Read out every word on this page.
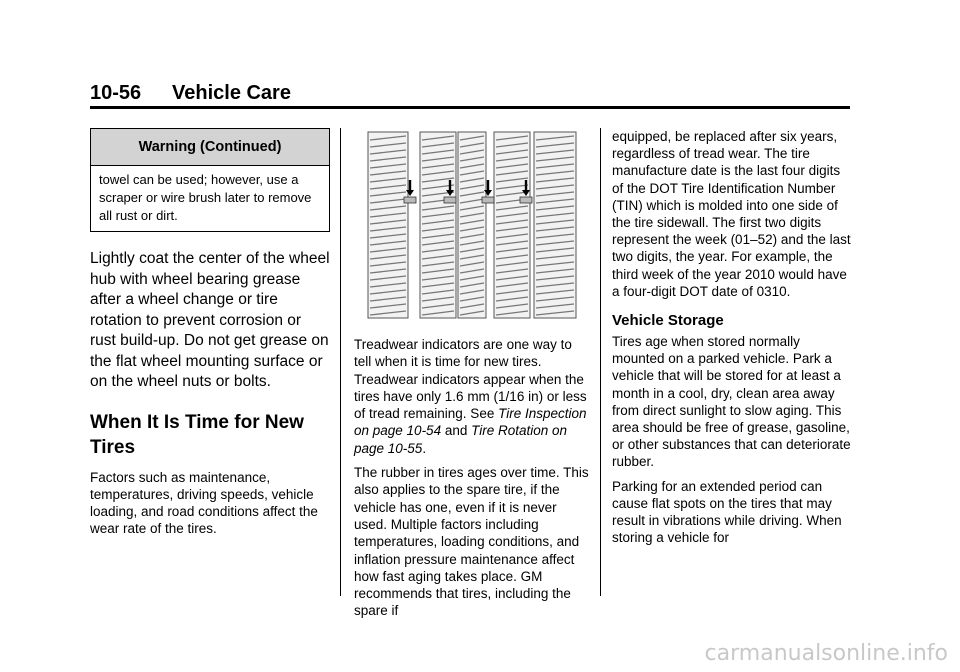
10-56 Vehicle Care
Warning (Continued)
towel can be used; however, use a scraper or wire brush later to remove all rust or dirt.
Lightly coat the center of the wheel hub with wheel bearing grease after a wheel change or tire rotation to prevent corrosion or rust build-up. Do not get grease on the flat wheel mounting surface or on the wheel nuts or bolts.
When It Is Time for New Tires

Factors such as maintenance, temperatures, driving speeds, vehicle loading, and road conditions affect the wear rate of the tires.

Treadwear indicators are one way to tell when it is time for new tires. Treadwear indicators appear when the tires have only 1.6 mm (1/16 in) or less of tread remaining. See Tire Inspection on page 10-54 and Tire Rotation on page 10-55.

The rubber in tires ages over time. This also applies to the spare tire, if the vehicle has one, even if it is never used. Multiple factors including temperatures, loading conditions, and inflation pressure maintenance affect how fast aging takes place. GM recommends that tires, including the spare if

equipped, be replaced after six years, regardless of tread wear. The tire manufacture date is the last four digits of the DOT Tire Identification Number (TIN) which is molded into one side of the tire sidewall. The first two digits represent the week (01–52) and the last two digits, the year. For example, the third week of the year 2010 would have a four-digit DOT date of 0310.

Vehicle Storage

Tires age when stored normally mounted on a parked vehicle. Park a vehicle that will be stored for at least a month in a cool, dry, clean area away from direct sunlight to slow aging. This area should be free of grease, gasoline, or other substances that can deteriorate rubber.

Parking for an extended period can cause flat spots on the tires that may result in vibrations while driving. When storing a vehicle for

carmanualsonline.info
